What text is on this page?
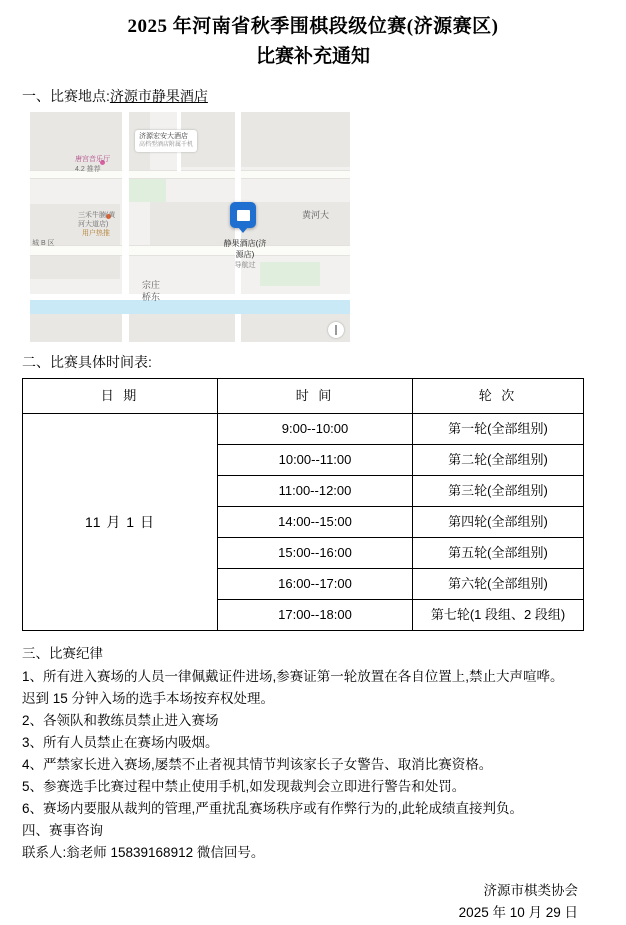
2025 年河南省秋季围棋段级位赛(济源赛区)
比赛补充通知
一、比赛地点:济源市静果酒店
济源宏安大酒店
高档型酒店附属千机
唐宫音乐厅
4.2 推荐
三禾牛腩(黄
河大道店)
用户热推
城 B 区
黄河大
宗庄
桥东
静果酒店(济
源店)
导航过
二、比赛具体时间表:
日 期	时 间	轮 次
11 月 1 日	9:00--10:00	第一轮(全部组别)
	10:00--11:00	第二轮(全部组别)
	11:00--12:00	第三轮(全部组别)
	14:00--15:00	第四轮(全部组别)
	15:00--16:00	第五轮(全部组别)
	16:00--17:00	第六轮(全部组别)
	17:00--18:00	第七轮(1 段组、2 段组)

三、比赛纪律

1、所有进入赛场的人员一律佩戴证件进场,参赛证第一轮放置在各自位置上,禁止大声喧哗。

迟到 15 分钟入场的选手本场按弃权处理。

2、各领队和教练员禁止进入赛场

3、所有人员禁止在赛场内吸烟。

4、严禁家长进入赛场,屡禁不止者视其情节判该家长子女警告、取消比赛资格。

5、参赛选手比赛过程中禁止使用手机,如发现裁判会立即进行警告和处罚。

6、赛场内要服从裁判的管理,严重扰乱赛场秩序或有作弊行为的,此轮成绩直接判负。

四、赛事咨询

联系人:翁老师 15839168912 微信回号。

济源市棋类协会
2025 年 10 月 29 日
